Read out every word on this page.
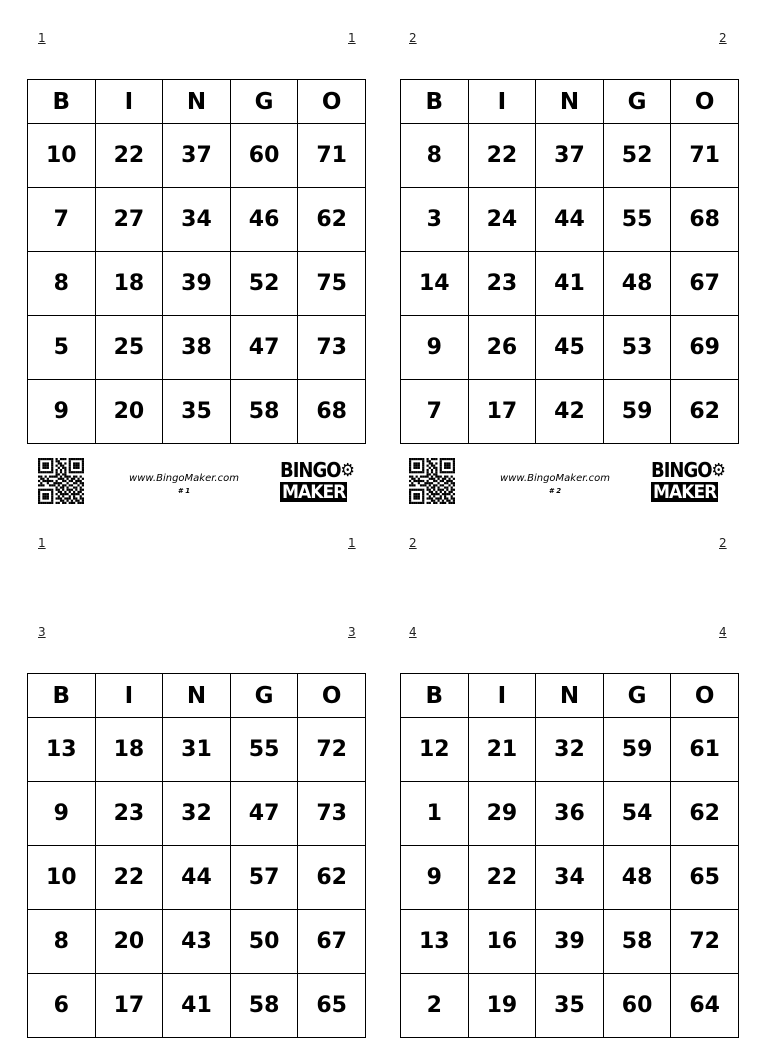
1	1
B	I	N	G	O
10	22	37	60	71
7	27	34	46	62
8	18	39	52	75
5	25	38	47	73
9	20	35	58	68
www.BingoMaker.com
# 1
BINGO⚙
MAKER
1	1
2	2
B	I	N	G	O
8	22	37	52	71
3	24	44	55	68
14	23	41	48	67
9	26	45	53	69
7	17	42	59	62
www.BingoMaker.com
# 2
BINGO⚙
MAKER
2	2
3	3
B	I	N	G	O
13	18	31	55	72
9	23	32	47	73
10	22	44	57	62
8	20	43	50	67
6	17	41	58	65
4	4
B	I	N	G	O
12	21	32	59	61
1	29	36	54	62
9	22	34	48	65
13	16	39	58	72
2	19	35	60	64
